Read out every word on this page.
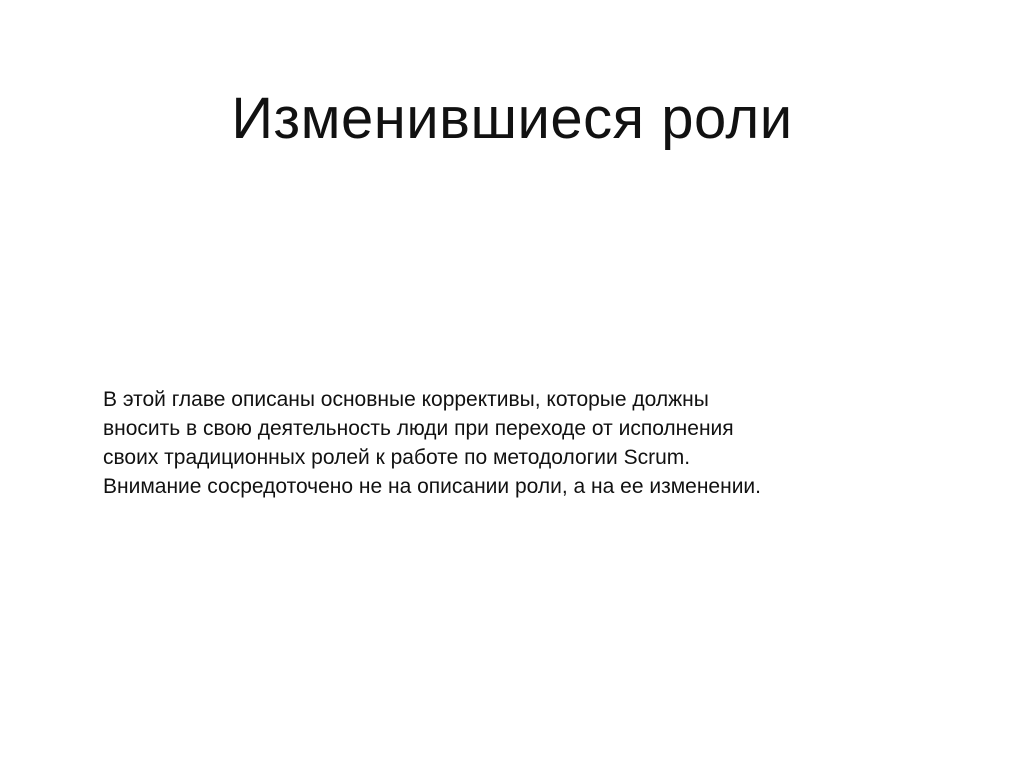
Изменившиеся роли
В этой главе описаны основные коррективы, которые должны
вносить в свою деятельность люди при переходе от исполнения
своих традиционных ролей к работе по методологии Scrum.
Внимание сосредоточено не на описании роли, а на ее изменении.
